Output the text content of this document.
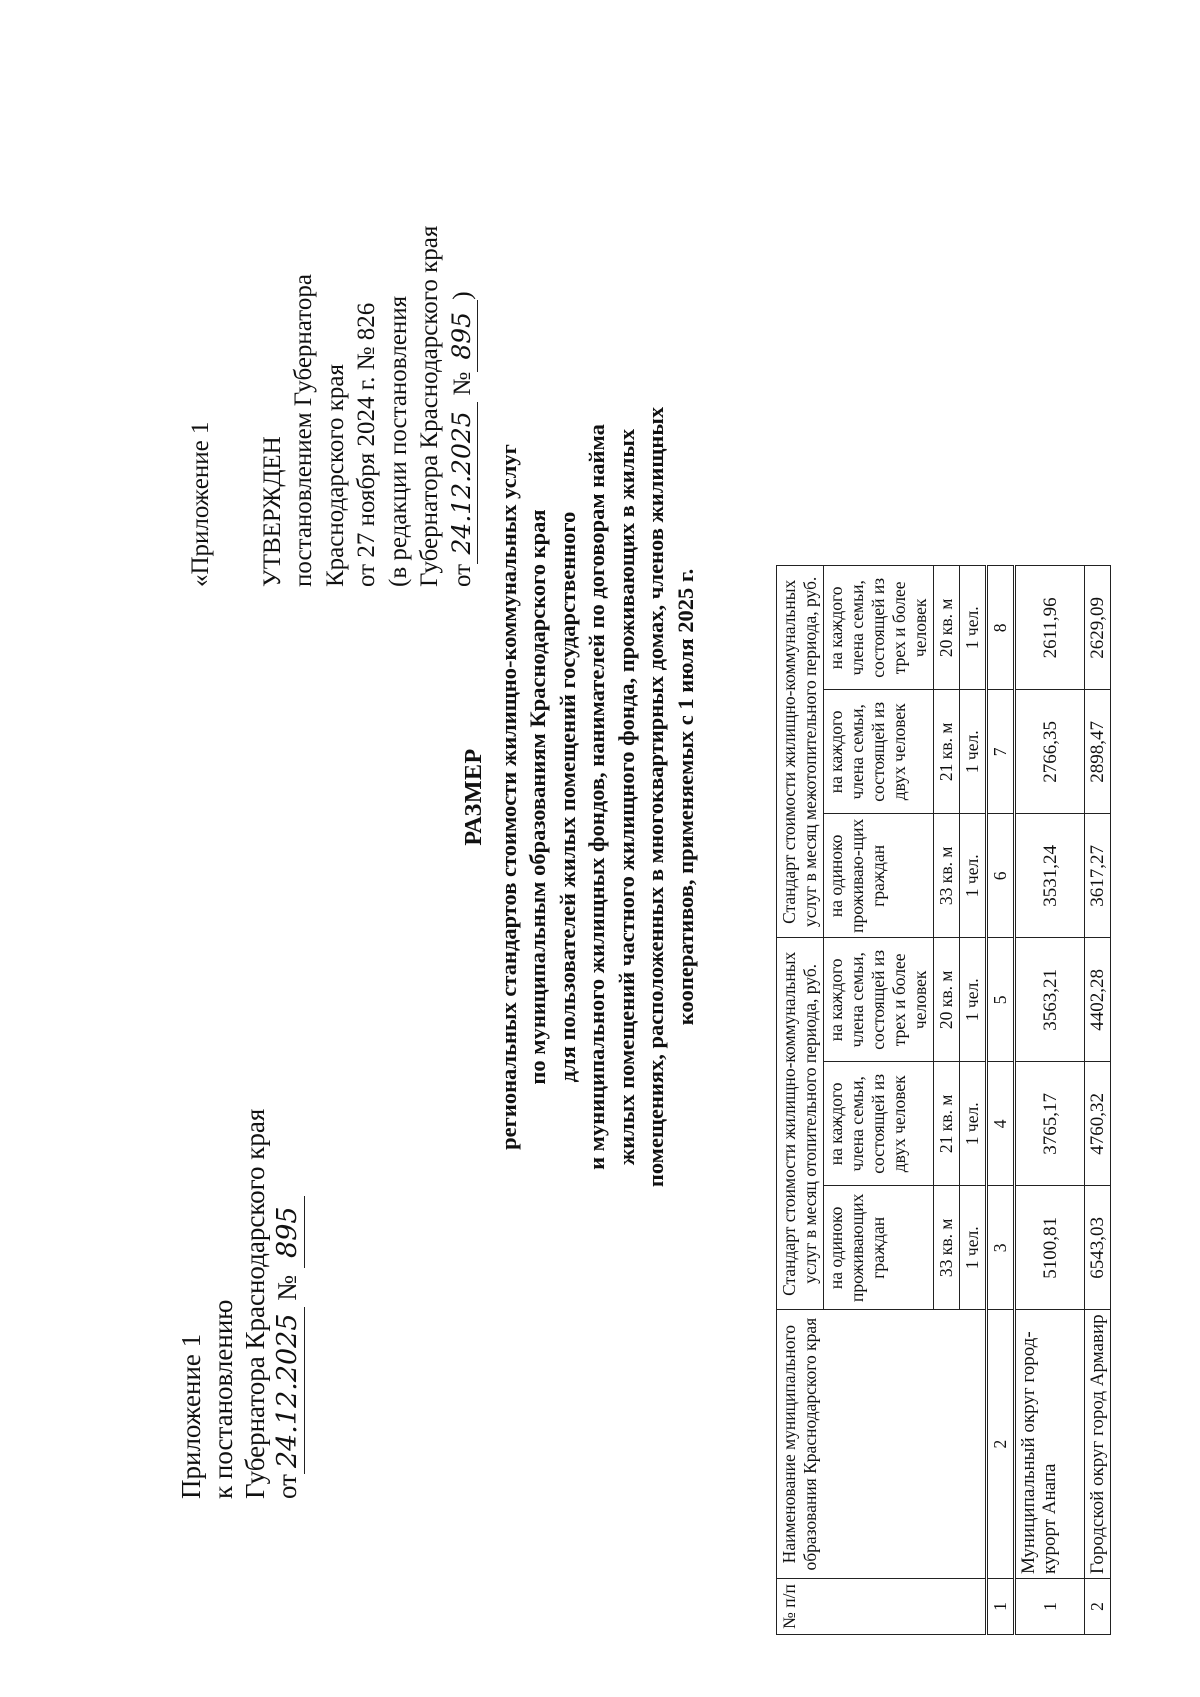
Приложение 1 к постановлению Губернатора Краснодарского края от24.12.2025 № 895
«Приложение 1 УТВЕРЖДЕН постановлением Губернатора Краснодарского края от 27 ноября 2024 г. № 826 (в редакции постановления Губернатора Краснодарского края от24.12.2025 №895)
РАЗМЕР региональных стандартов стоимости жилищно-коммунальных услуг по муниципальным образованиям Краснодарского края для пользователей жилых помещений государственного и муниципального жилищных фондов, нанимателей по договорам найма жилых помещений частного жилищного фонда, проживающих в жилых помещениях, расположенных в многоквартирных домах, членов жилищных кооперативов, применяемых с 1 июля 2025 г.
№ п/п	Наименование муниципального образования Краснодарского края	Стандарт стоимости жилищно-коммунальных услуг в месяц отопительного периода, руб.			Стандарт стоимости жилищно-коммунальных услуг в месяц межотопительного периода, руб.		
		на одиноко проживающих граждан	на каждого члена семьи, состоящей из двух человек	на каждого члена семьи, состоящей из трех и более человек	на одиноко проживаю-щих граждан	на каждого члена семьи, состоящей из двух человек	на каждого члена семьи, состоящей из трех и более человек
		33 кв. м	21 кв. м	20 кв. м	33 кв. м	21 кв. м	20 кв. м
		1 чел.	1 чел.	1 чел.	1 чел.	1 чел.	1 чел.
1	2	3	4	5	6	7	8
1	Муниципальный округ город-курорт Анапа	5100,81	3765,17	3563,21	3531,24	2766,35	2611,96
2	Городской округ город Армавир	6543,03	4760,32	4402,28	3617,27	2898,47	2629,09
